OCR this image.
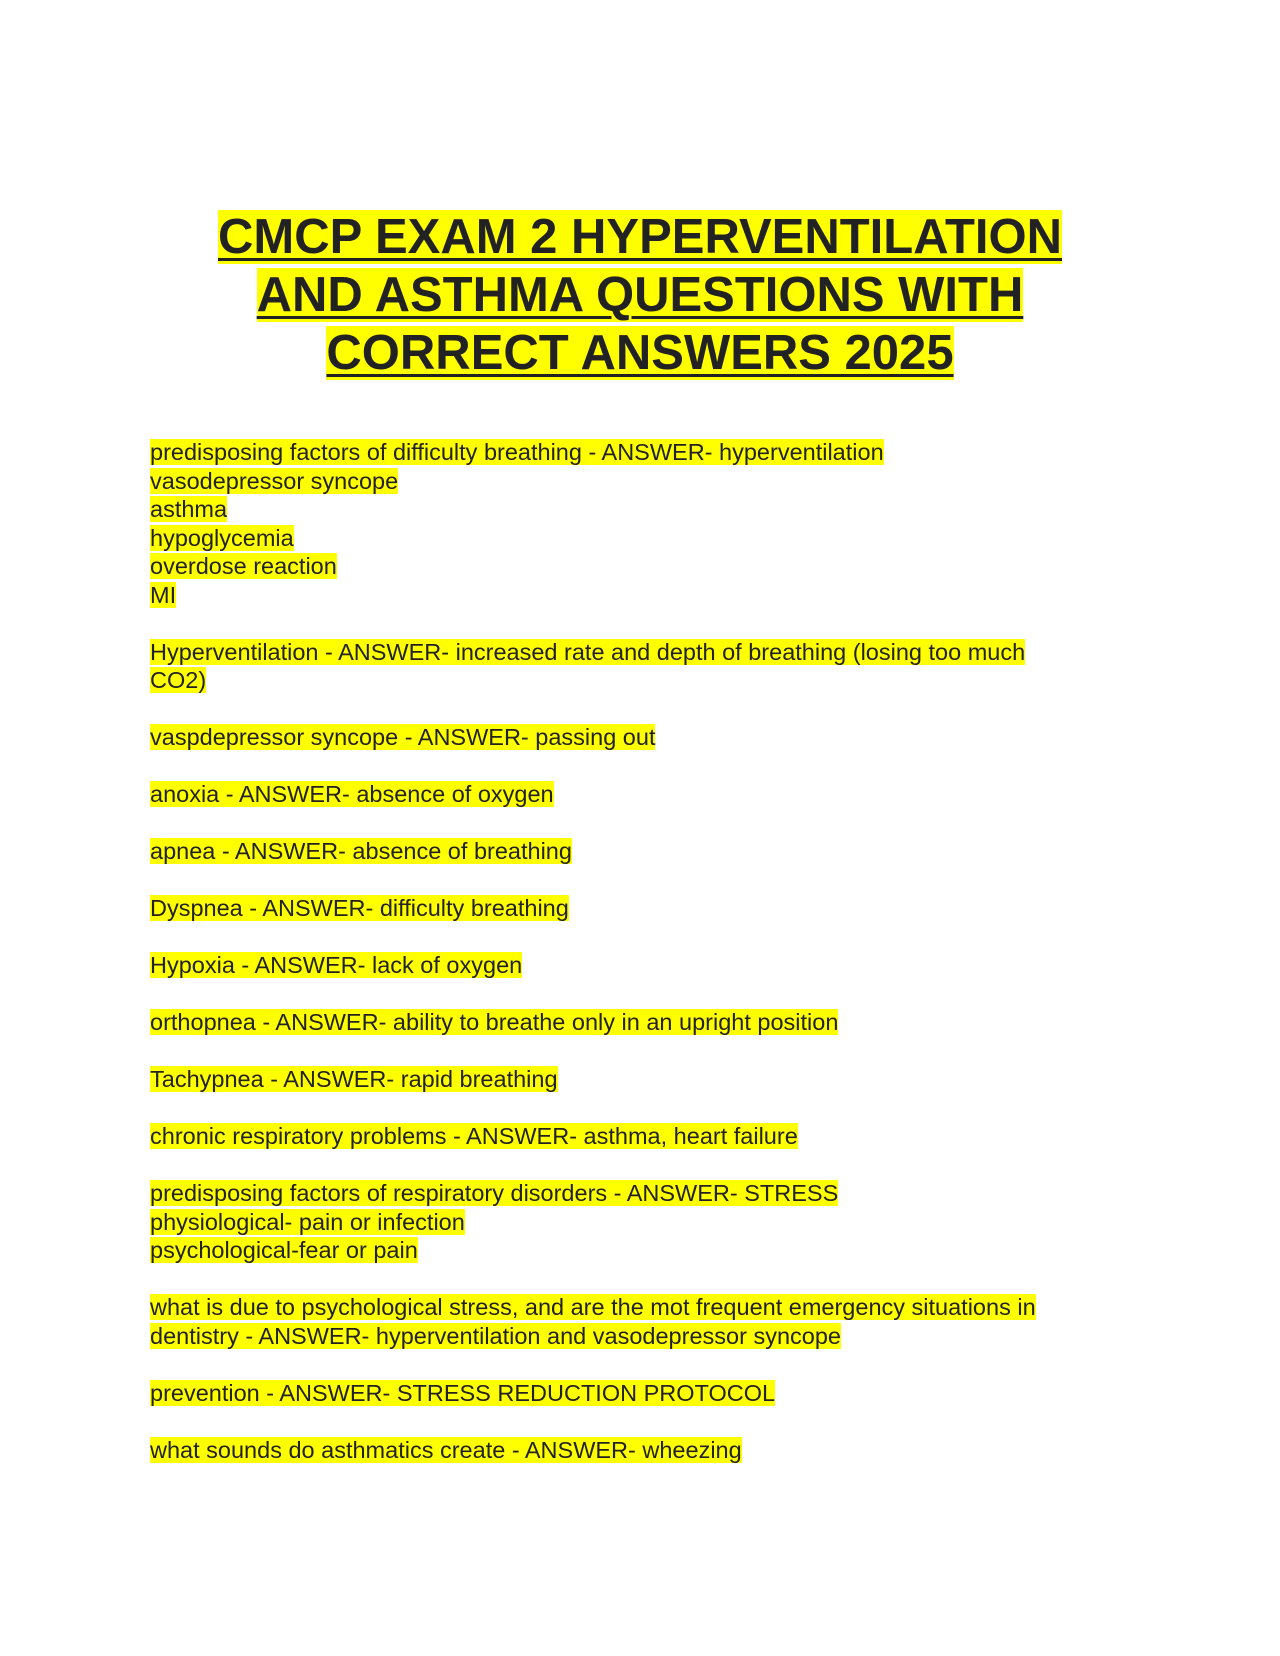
CMCP EXAM 2 HYPERVENTILATION
AND ASTHMA QUESTIONS WITH
CORRECT ANSWERS 2025
predisposing factors of difficulty breathing - ANSWER- hyperventilation
vasodepressor syncope
asthma
hypoglycemia
overdose reaction
MI
Hyperventilation - ANSWER- increased rate and depth of breathing (losing too much
CO2)
vaspdepressor syncope - ANSWER- passing out
anoxia - ANSWER- absence of oxygen
apnea - ANSWER- absence of breathing
Dyspnea - ANSWER- difficulty breathing
Hypoxia - ANSWER- lack of oxygen
orthopnea - ANSWER- ability to breathe only in an upright position
Tachypnea - ANSWER- rapid breathing
chronic respiratory problems - ANSWER- asthma, heart failure
predisposing factors of respiratory disorders - ANSWER- STRESS
physiological- pain or infection
psychological-fear or pain
what is due to psychological stress, and are the mot frequent emergency situations in
dentistry - ANSWER- hyperventilation and vasodepressor syncope
prevention - ANSWER- STRESS REDUCTION PROTOCOL
what sounds do asthmatics create - ANSWER- wheezing
